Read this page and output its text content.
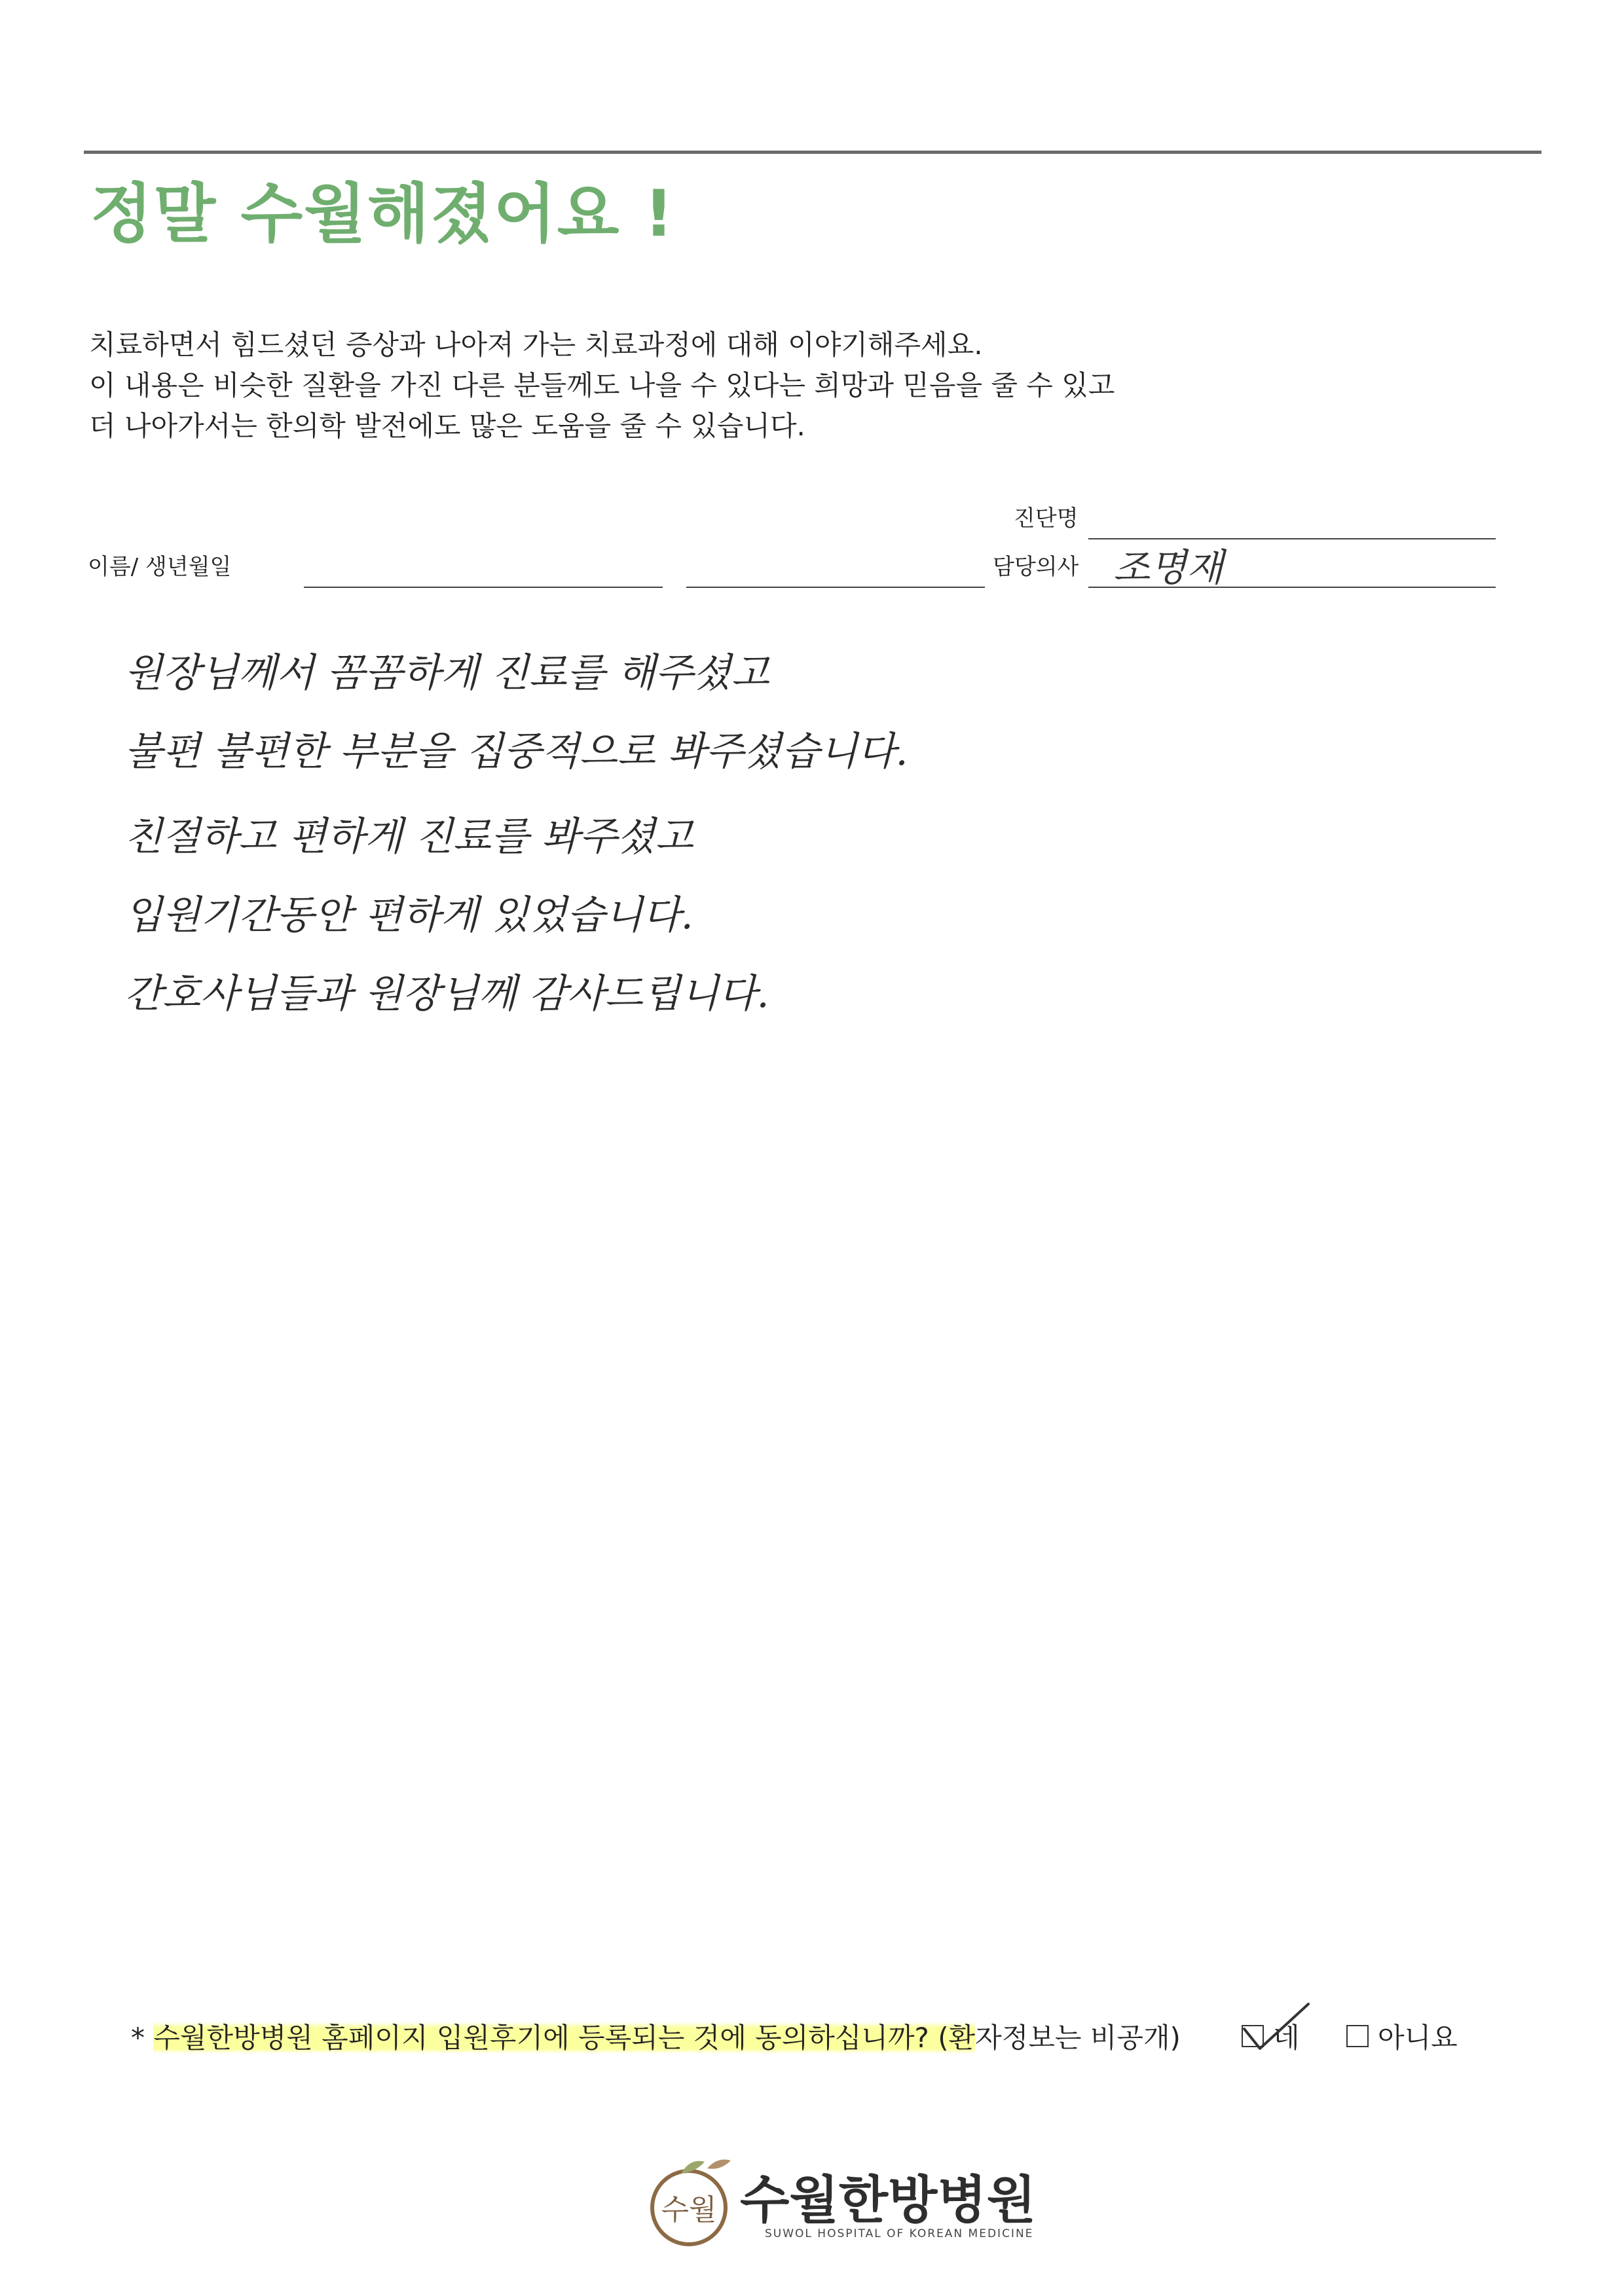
정말 수월해졌어요 !
치료하면서 힘드셨던 증상과 나아져 가는 치료과정에 대해 이야기해주세요.
이 내용은 비슷한 질환을 가진 다른 분들께도 나을 수 있다는 희망과 믿음을 줄 수 있고
더 나아가서는 한의학 발전에도 많은 도움을 줄 수 있습니다.
진단명
이름/ 생년월일	담당의사 조명재
원장님께서 꼼꼼하게 진료를 해주셨고
불편 불편한 부분을 집중적으로 봐주셨습니다.
친절하고 편하게 진료를 봐주셨고
입원기간동안 편하게 있었습니다.
간호사님들과 원장님께 감사드립니다.
* 수월한방병원 홈페이지 입원후기에 등록되는 것에 동의하십니까? (환자정보는 비공개)	네	아니요
수월 수월한방병원
SUWOL HOSPITAL OF KOREAN MEDICINE
